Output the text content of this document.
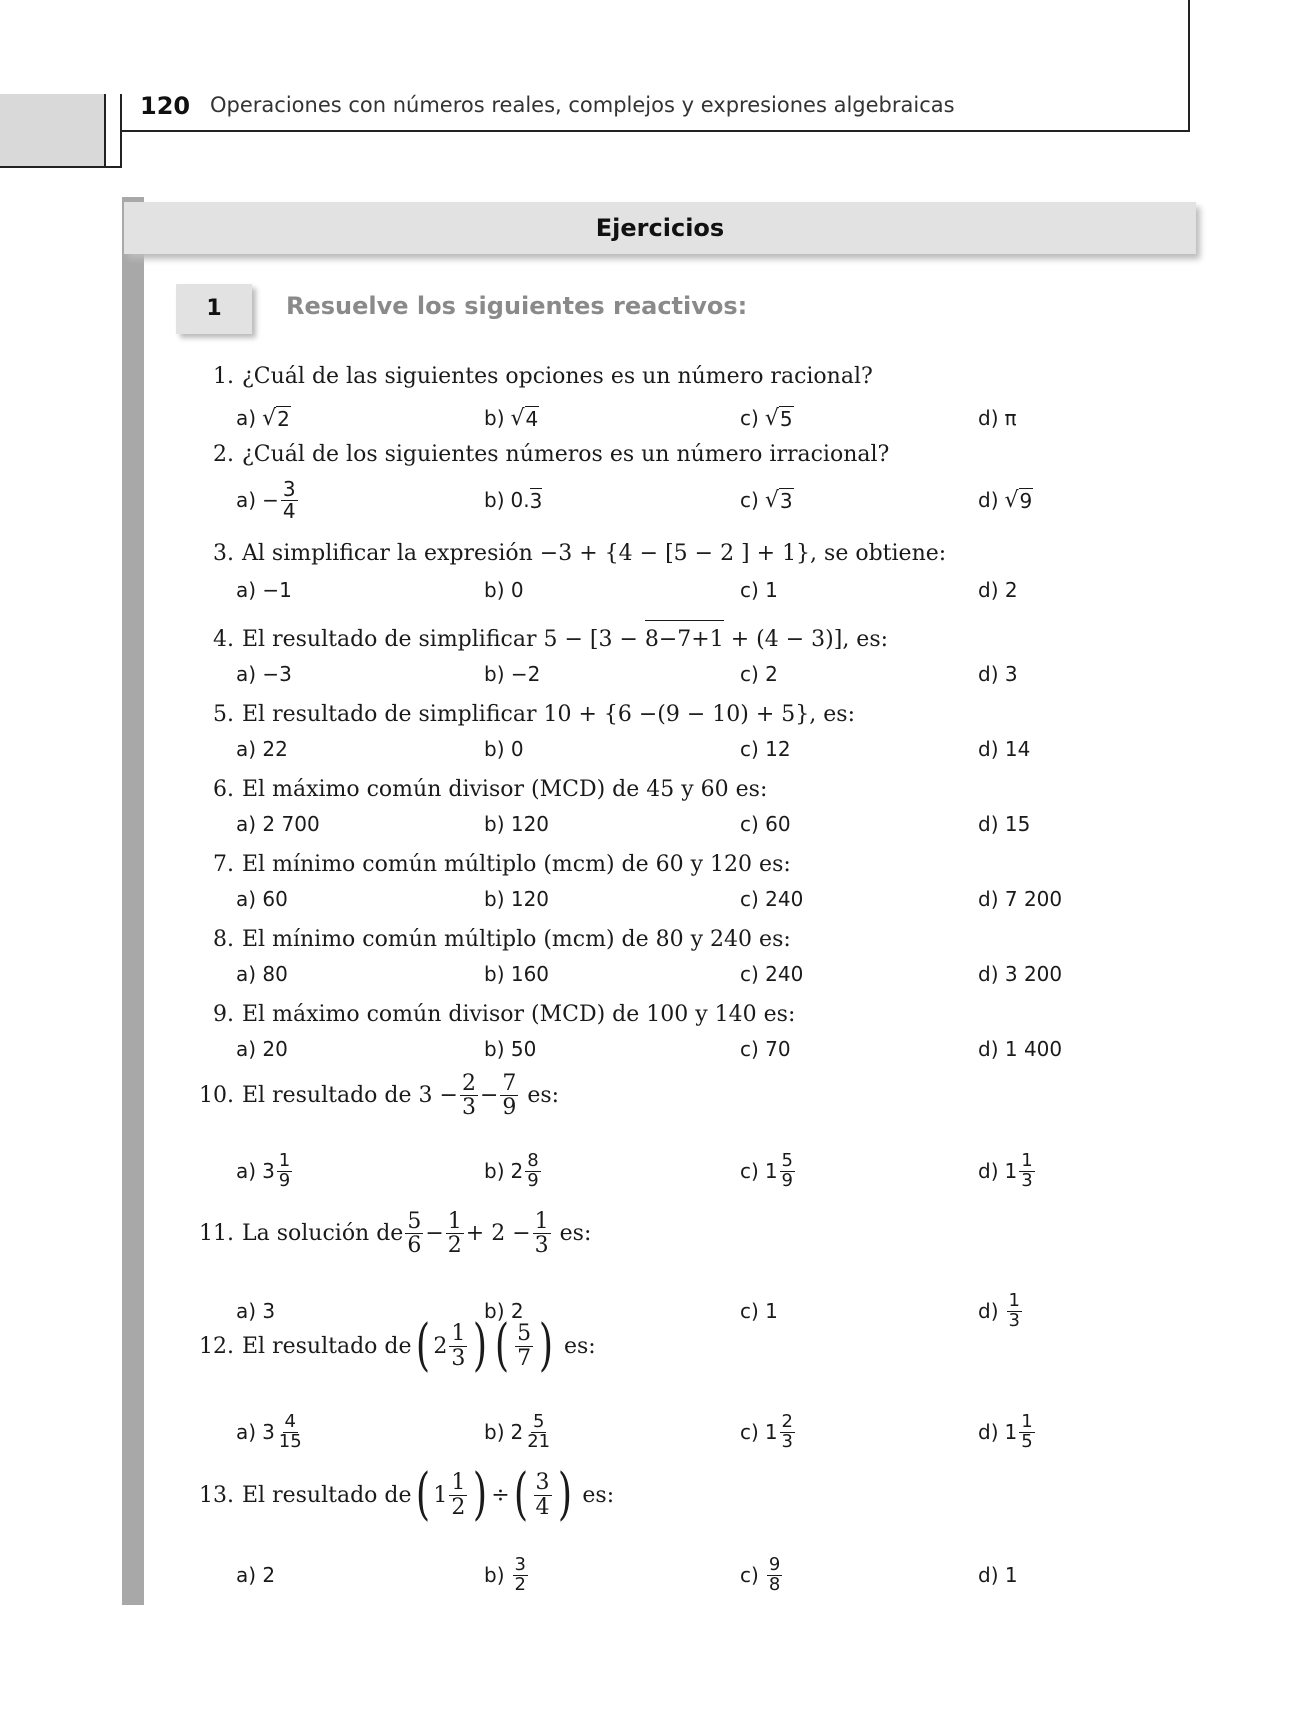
120 Operaciones con números reales, complejos y expresiones algebraicas
Ejercicios
1	Resuelve los siguientes reactivos:
1. ¿Cuál de las siguientes opciones es un número racional?
a) √ 2	b) √ 4	c) √ 5	d) π
2. ¿Cuál de los siguientes números es un número irracional?
$a) - \frac{3}{4}$	b) 0. 3	c) √ 3	d) √ 9
3. Al simplificar la expresión −3 + {4 − [5 − 2 ] + 1}, se obtiene:
a) −1	b) 0	c) 1	d) 2
4. El resultado de simplificar 5 − [3 − 8−7+1 + (4 − 3)], es:
a) −3	b) −2	c) 2	d) 3
5. El resultado de simplificar 10 + {6 −(9 − 10) + 5}, es:
a) 22	b) 0	c) 12	d) 14
6. El máximo común divisor (MCD) de 45 y 60 es:
a) 2 700	b) 120	c) 60	d) 15
7. El mínimo común múltiplo (mcm) de 60 y 120 es:
a) 60	b) 120	c) 240	d) 7 200
8. El mínimo común múltiplo (mcm) de 80 y 240 es:
a) 80	b) 160	c) 240	d) 3 200
9. El máximo común divisor (MCD) de 100 y 140 es:
a) 20	b) 50	c) 70	d) 1 400
10. El resultado de 3
− $\frac{2}{3} - \frac{7}{9}$
es:
a) $3 \frac{1}{9}$	b) $2 \frac{8}{9}$	c) $1 \frac{5}{9}$	d) $1 \frac{1}{3}$
11. La solución de $\frac{5}{6} - \frac{1}{2}$ +
2
− $\frac{1}{3}$
es:
a) 3	b) 2	c) 1	$d) \frac{1}{3}$
12. El resultado de ( $2 \frac{1}{3}$ ) ( $\frac{5}{7}$ )
es:
a) $3 \frac{4}{15}$	b) $2 \frac{5}{21}$	c) $1 \frac{2}{3}$	d) $1 \frac{1}{5}$
13. El resultado de ( $1 \frac{1}{2}$ ) ÷ ( $\frac{3}{4}$ )
es:
a) 2	$b) \frac{3}{2}$	$c) \frac{9}{8}$	d) 1
